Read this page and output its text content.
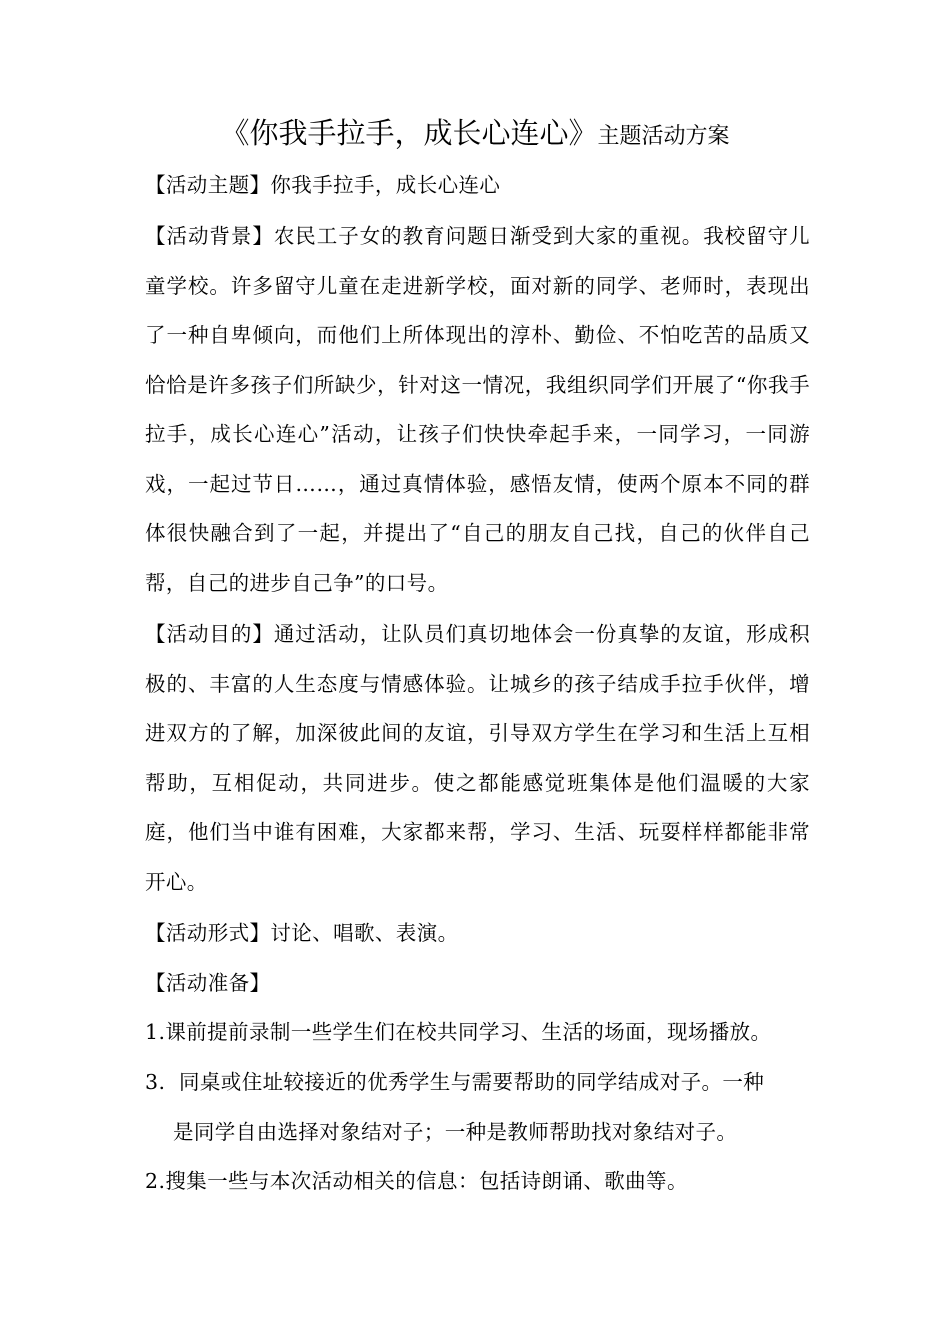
《你我手拉手，成长心连心》主题活动方案
【活动主题】你我手拉手，成长心连心

【活动背景】农民工子女的教育问题日渐受到大家的重视。我校留守儿童学校。许多留守儿童在走进新学校，面对新的同学、老师时，表现出了一种自卑倾向，而他们上所体现出的淳朴、勤俭、不怕吃苦的品质又恰恰是许多孩子们所缺少，针对这一情况，我组织同学们开展了“你我手拉手，成长心连心”活动，让孩子们快快牵起手来，一同学习，一同游戏，一起过节日……，通过真情体验，感悟友情，使两个原本不同的群体很快融合到了一起，并提出了“自己的朋友自己找，自己的伙伴自己帮，自己的进步自己争”的口号。

【活动目的】通过活动，让队员们真切地体会一份真挚的友谊，形成积极的、丰富的人生态度与情感体验。让城乡的孩子结成手拉手伙伴，增进双方的了解，加深彼此间的友谊，引导双方学生在学习和生活上互相帮助，互相促动，共同进步。使之都能感觉班集体是他们温暖的大家庭，他们当中谁有困难，大家都来帮，学习、生活、玩耍样样都能非常开心。

【活动形式】讨论、唱歌、表演。
【活动准备】
1.课前提前录制一些学生们在校共同学习、生活的场面，现场播放。
3. 同桌或住址较接近的优秀学生与需要帮助的同学结成对子。一种
是同学自由选择对象结对子；一种是教师帮助找对象结对子。
2.搜集一些与本次活动相关的信息：包括诗朗诵、歌曲等。
